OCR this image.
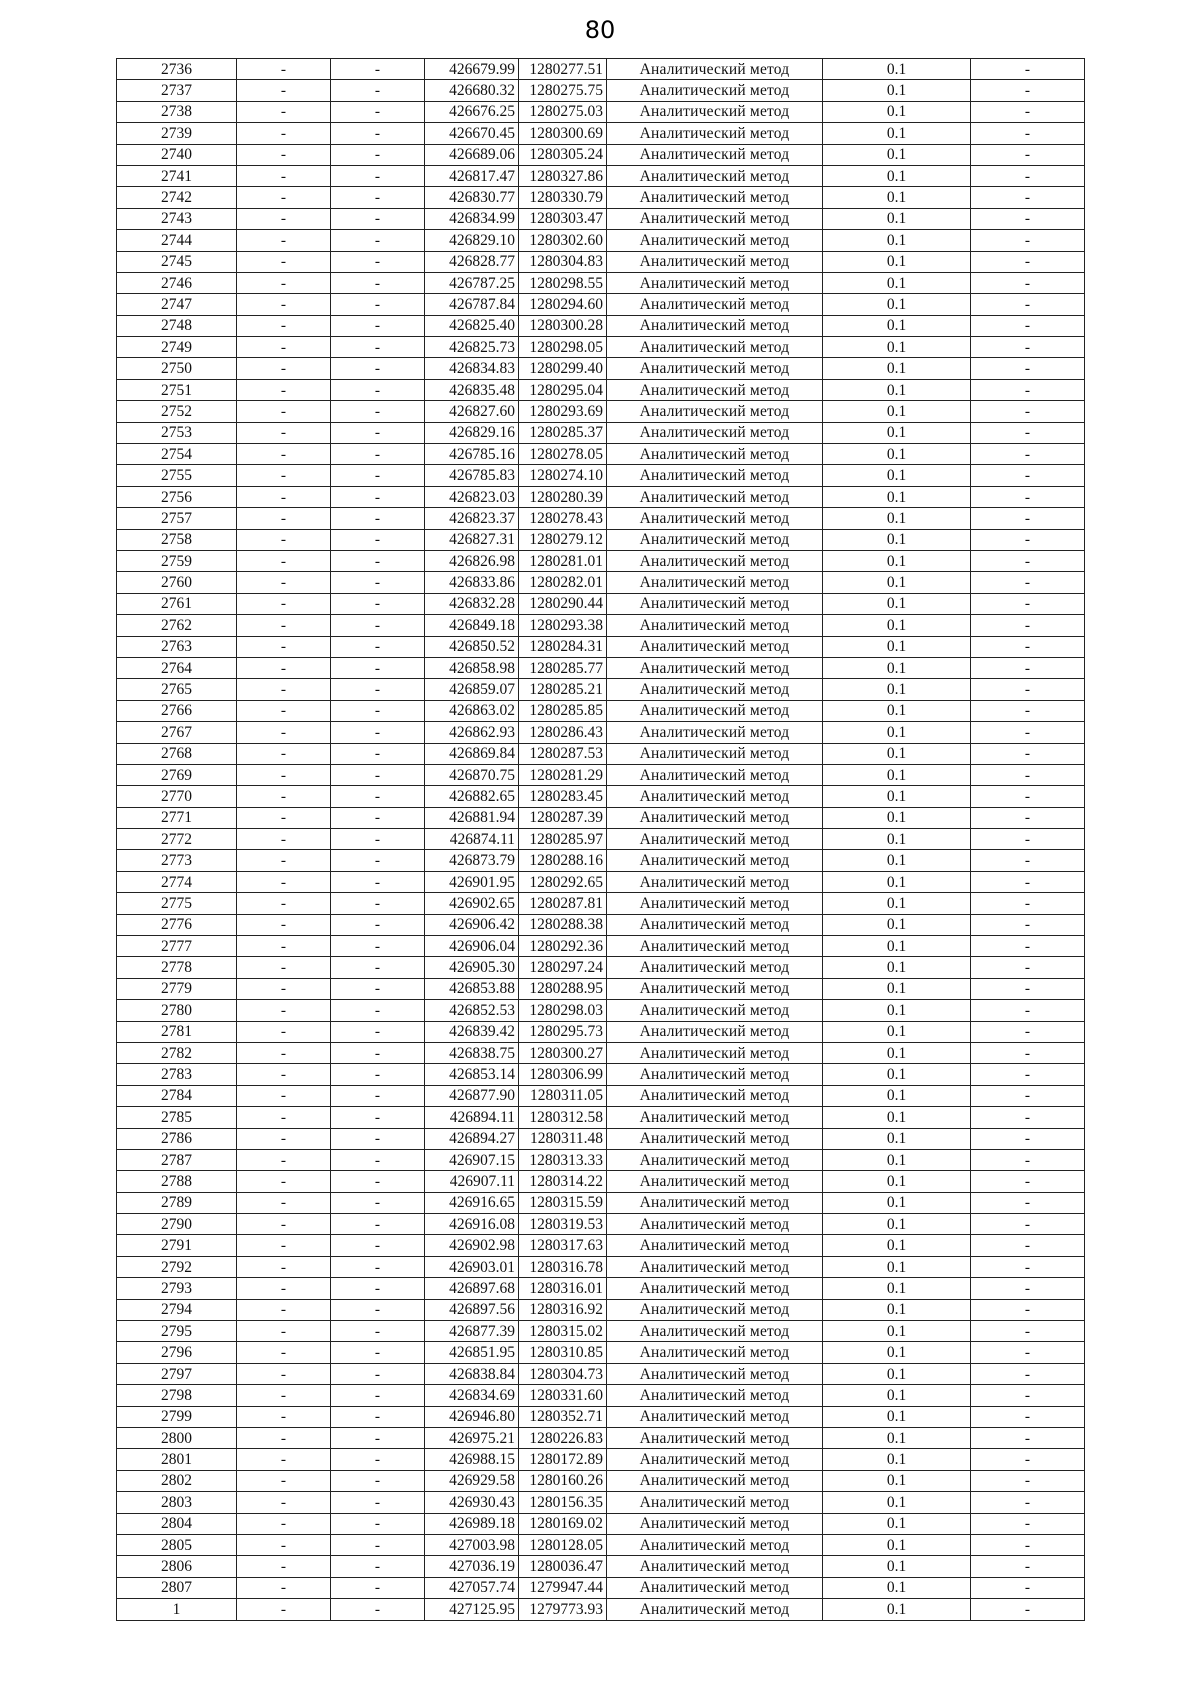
80
2736	-	-	426679.99	1280277.51	Аналитический метод	0.1	-
2737	-	-	426680.32	1280275.75	Аналитический метод	0.1	-
2738	-	-	426676.25	1280275.03	Аналитический метод	0.1	-
2739	-	-	426670.45	1280300.69	Аналитический метод	0.1	-
2740	-	-	426689.06	1280305.24	Аналитический метод	0.1	-
2741	-	-	426817.47	1280327.86	Аналитический метод	0.1	-
2742	-	-	426830.77	1280330.79	Аналитический метод	0.1	-
2743	-	-	426834.99	1280303.47	Аналитический метод	0.1	-
2744	-	-	426829.10	1280302.60	Аналитический метод	0.1	-
2745	-	-	426828.77	1280304.83	Аналитический метод	0.1	-
2746	-	-	426787.25	1280298.55	Аналитический метод	0.1	-
2747	-	-	426787.84	1280294.60	Аналитический метод	0.1	-
2748	-	-	426825.40	1280300.28	Аналитический метод	0.1	-
2749	-	-	426825.73	1280298.05	Аналитический метод	0.1	-
2750	-	-	426834.83	1280299.40	Аналитический метод	0.1	-
2751	-	-	426835.48	1280295.04	Аналитический метод	0.1	-
2752	-	-	426827.60	1280293.69	Аналитический метод	0.1	-
2753	-	-	426829.16	1280285.37	Аналитический метод	0.1	-
2754	-	-	426785.16	1280278.05	Аналитический метод	0.1	-
2755	-	-	426785.83	1280274.10	Аналитический метод	0.1	-
2756	-	-	426823.03	1280280.39	Аналитический метод	0.1	-
2757	-	-	426823.37	1280278.43	Аналитический метод	0.1	-
2758	-	-	426827.31	1280279.12	Аналитический метод	0.1	-
2759	-	-	426826.98	1280281.01	Аналитический метод	0.1	-
2760	-	-	426833.86	1280282.01	Аналитический метод	0.1	-
2761	-	-	426832.28	1280290.44	Аналитический метод	0.1	-
2762	-	-	426849.18	1280293.38	Аналитический метод	0.1	-
2763	-	-	426850.52	1280284.31	Аналитический метод	0.1	-
2764	-	-	426858.98	1280285.77	Аналитический метод	0.1	-
2765	-	-	426859.07	1280285.21	Аналитический метод	0.1	-
2766	-	-	426863.02	1280285.85	Аналитический метод	0.1	-
2767	-	-	426862.93	1280286.43	Аналитический метод	0.1	-
2768	-	-	426869.84	1280287.53	Аналитический метод	0.1	-
2769	-	-	426870.75	1280281.29	Аналитический метод	0.1	-
2770	-	-	426882.65	1280283.45	Аналитический метод	0.1	-
2771	-	-	426881.94	1280287.39	Аналитический метод	0.1	-
2772	-	-	426874.11	1280285.97	Аналитический метод	0.1	-
2773	-	-	426873.79	1280288.16	Аналитический метод	0.1	-
2774	-	-	426901.95	1280292.65	Аналитический метод	0.1	-
2775	-	-	426902.65	1280287.81	Аналитический метод	0.1	-
2776	-	-	426906.42	1280288.38	Аналитический метод	0.1	-
2777	-	-	426906.04	1280292.36	Аналитический метод	0.1	-
2778	-	-	426905.30	1280297.24	Аналитический метод	0.1	-
2779	-	-	426853.88	1280288.95	Аналитический метод	0.1	-
2780	-	-	426852.53	1280298.03	Аналитический метод	0.1	-
2781	-	-	426839.42	1280295.73	Аналитический метод	0.1	-
2782	-	-	426838.75	1280300.27	Аналитический метод	0.1	-
2783	-	-	426853.14	1280306.99	Аналитический метод	0.1	-
2784	-	-	426877.90	1280311.05	Аналитический метод	0.1	-
2785	-	-	426894.11	1280312.58	Аналитический метод	0.1	-
2786	-	-	426894.27	1280311.48	Аналитический метод	0.1	-
2787	-	-	426907.15	1280313.33	Аналитический метод	0.1	-
2788	-	-	426907.11	1280314.22	Аналитический метод	0.1	-
2789	-	-	426916.65	1280315.59	Аналитический метод	0.1	-
2790	-	-	426916.08	1280319.53	Аналитический метод	0.1	-
2791	-	-	426902.98	1280317.63	Аналитический метод	0.1	-
2792	-	-	426903.01	1280316.78	Аналитический метод	0.1	-
2793	-	-	426897.68	1280316.01	Аналитический метод	0.1	-
2794	-	-	426897.56	1280316.92	Аналитический метод	0.1	-
2795	-	-	426877.39	1280315.02	Аналитический метод	0.1	-
2796	-	-	426851.95	1280310.85	Аналитический метод	0.1	-
2797	-	-	426838.84	1280304.73	Аналитический метод	0.1	-
2798	-	-	426834.69	1280331.60	Аналитический метод	0.1	-
2799	-	-	426946.80	1280352.71	Аналитический метод	0.1	-
2800	-	-	426975.21	1280226.83	Аналитический метод	0.1	-
2801	-	-	426988.15	1280172.89	Аналитический метод	0.1	-
2802	-	-	426929.58	1280160.26	Аналитический метод	0.1	-
2803	-	-	426930.43	1280156.35	Аналитический метод	0.1	-
2804	-	-	426989.18	1280169.02	Аналитический метод	0.1	-
2805	-	-	427003.98	1280128.05	Аналитический метод	0.1	-
2806	-	-	427036.19	1280036.47	Аналитический метод	0.1	-
2807	-	-	427057.74	1279947.44	Аналитический метод	0.1	-
1	-	-	427125.95	1279773.93	Аналитический метод	0.1	-
